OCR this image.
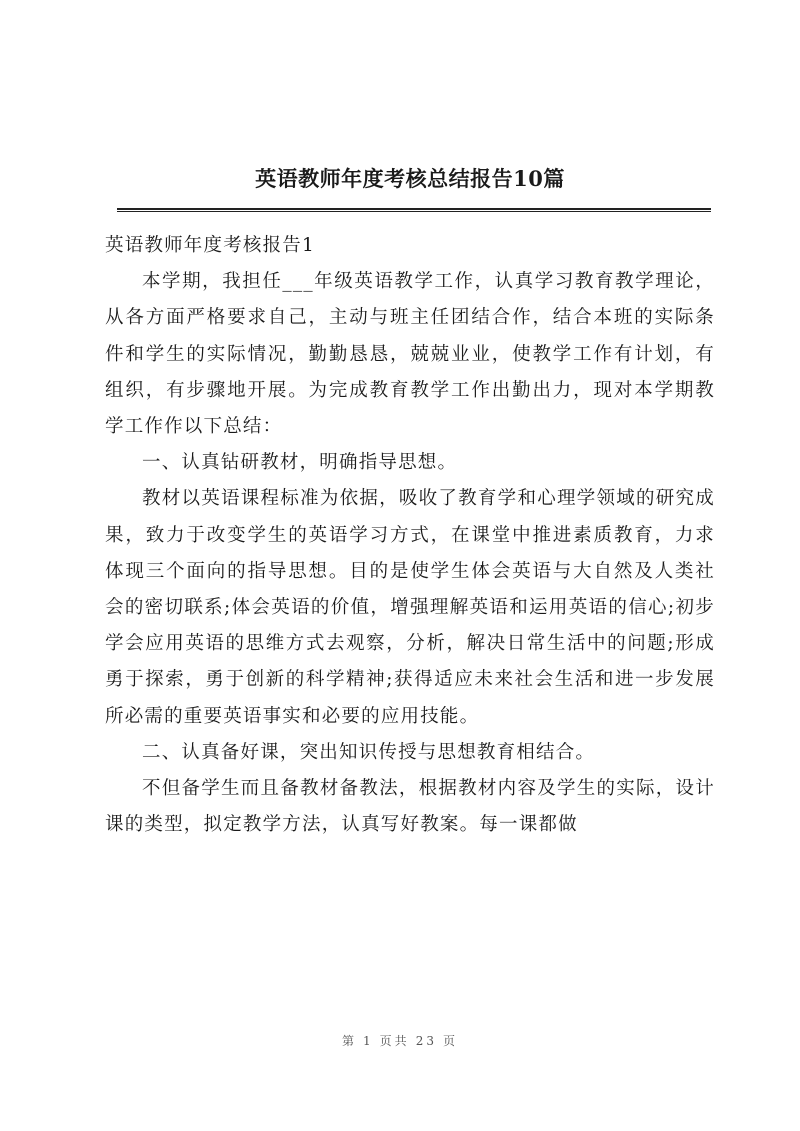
英语教师年度考核总结报告10篇

英语教师年度考核报告1

本学期，我担任___年级英语教学工作，认真学习教育教学理论，从各方面严格要求自己，主动与班主任团结合作，结合本班的实际条件和学生的实际情况，勤勤恳恳，兢兢业业，使教学工作有计划，有组织，有步骤地开展。为完成教育教学工作出勤出力，现对本学期教学工作作以下总结：

一、认真钻研教材，明确指导思想。

教材以英语课程标准为依据，吸收了教育学和心理学领域的研究成果，致力于改变学生的英语学习方式，在课堂中推进素质教育，力求体现三个面向的指导思想。目的是使学生体会英语与大自然及人类社会的密切联系;体会英语的价值，增强理解英语和运用英语的信心;初步学会应用英语的思维方式去观察，分析，解决日常生活中的问题;形成勇于探索，勇于创新的科学精神;获得适应未来社会生活和进一步发展所必需的重要英语事实和必要的应用技能。

二、认真备好课，突出知识传授与思想教育相结合。

不但备学生而且备教材备教法，根据教材内容及学生的实际，设计课的类型，拟定教学方法，认真写好教案。每一课都做

第 1 页共 23 页
